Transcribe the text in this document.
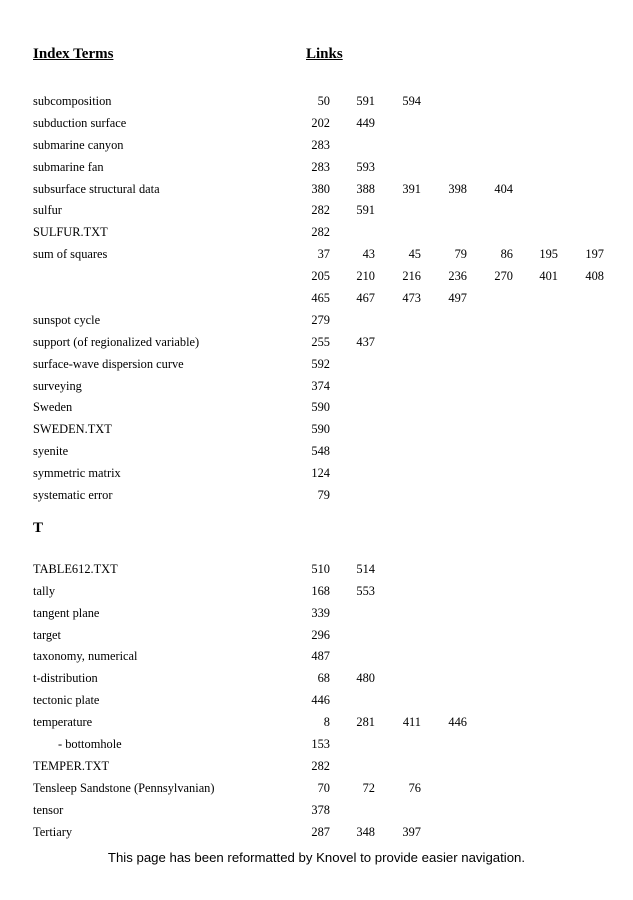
Index Terms	Links
subcomposition	50	591	594
subduction surface	202	449
submarine canyon	283
submarine fan	283	593
subsurface structural data	380	388	391	398	404
sulfur	282	591
SULFUR.TXT	282
sum of squares	37	43	45	79	86	195	197
205	210	216	236	270	401	408
465	467	473	497
sunspot cycle	279
support (of regionalized variable)	255	437
surface-wave dispersion curve	592
surveying	374
Sweden	590
SWEDEN.TXT	590
syenite	548
symmetric matrix	124
systematic error	79
T
TABLE612.TXT	510	514
tally	168	553
tangent plane	339
target	296
taxonomy, numerical	487
t-distribution	68	480
tectonic plate	446
temperature	8	281	411	446
- bottomhole	153
TEMPER.TXT	282
Tensleep Sandstone (Pennsylvanian)	70	72	76
tensor	378
Tertiary	287	348	397
This page has been reformatted by Knovel to provide easier navigation.
